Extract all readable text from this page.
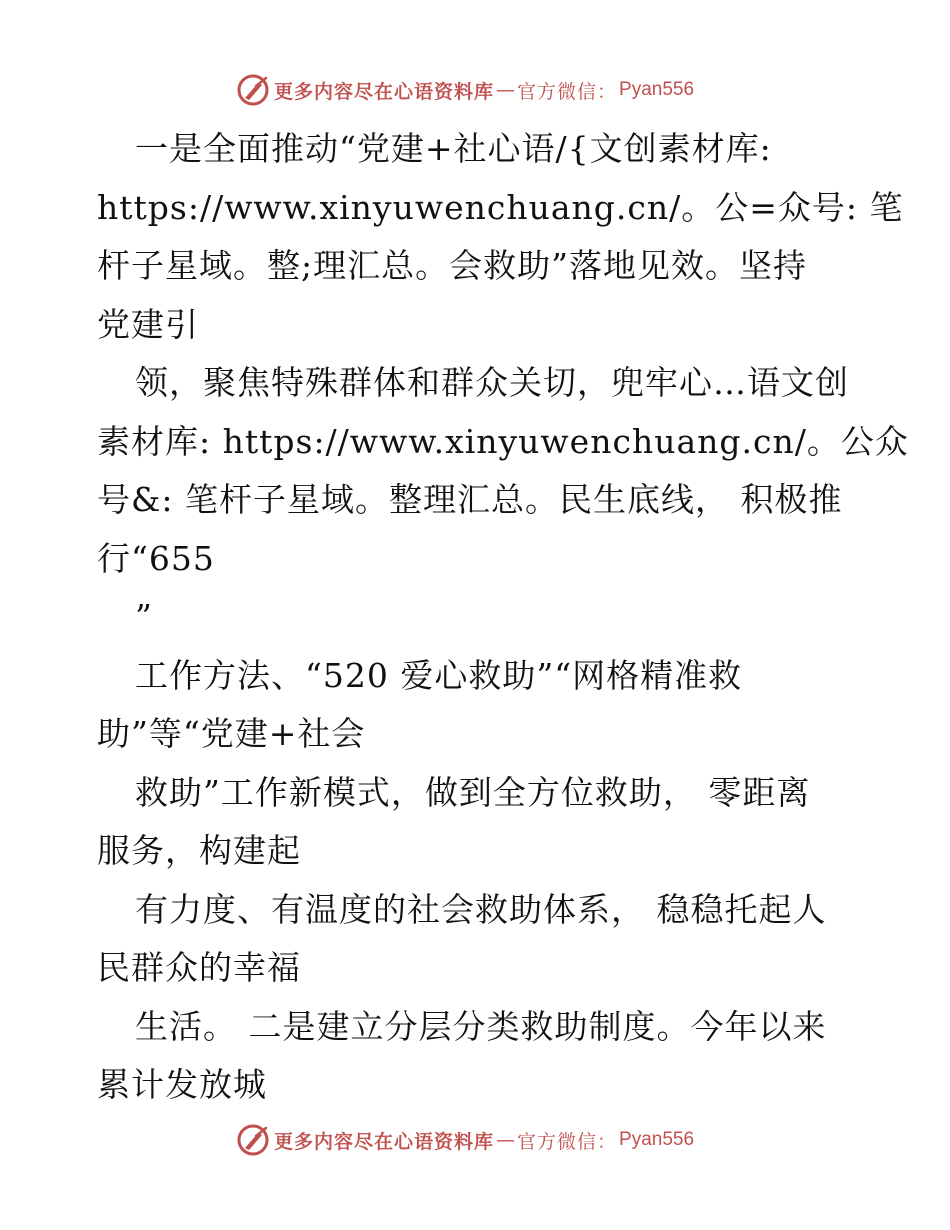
更多内容尽在心语资料库 — 官方微信： Pyan556
一是全面推动“党建+社心语/{文创素材库:
https://www.xinyuwenchuang.cn/。公=众号: 笔
杆子星域。整;理汇总。会救助”落地见效。坚持
党建引
领，聚焦特殊群体和群众关切，兜牢心…语文创
素材库: https://www.xinyuwenchuang.cn/。公众
号&: 笔杆子星域。整理汇总。民生底线， 积极推
行“655
”
工作方法、“520 爱心救助”“网格精准救
助”等“党建+社会
救助”工作新模式，做到全方位救助， 零距离
服务，构建起
有力度、有温度的社会救助体系， 稳稳托起人
民群众的幸福
生活。 二是建立分层分类救助制度。今年以来
累计发放城
更多内容尽在心语资料库 — 官方微信： Pyan556
